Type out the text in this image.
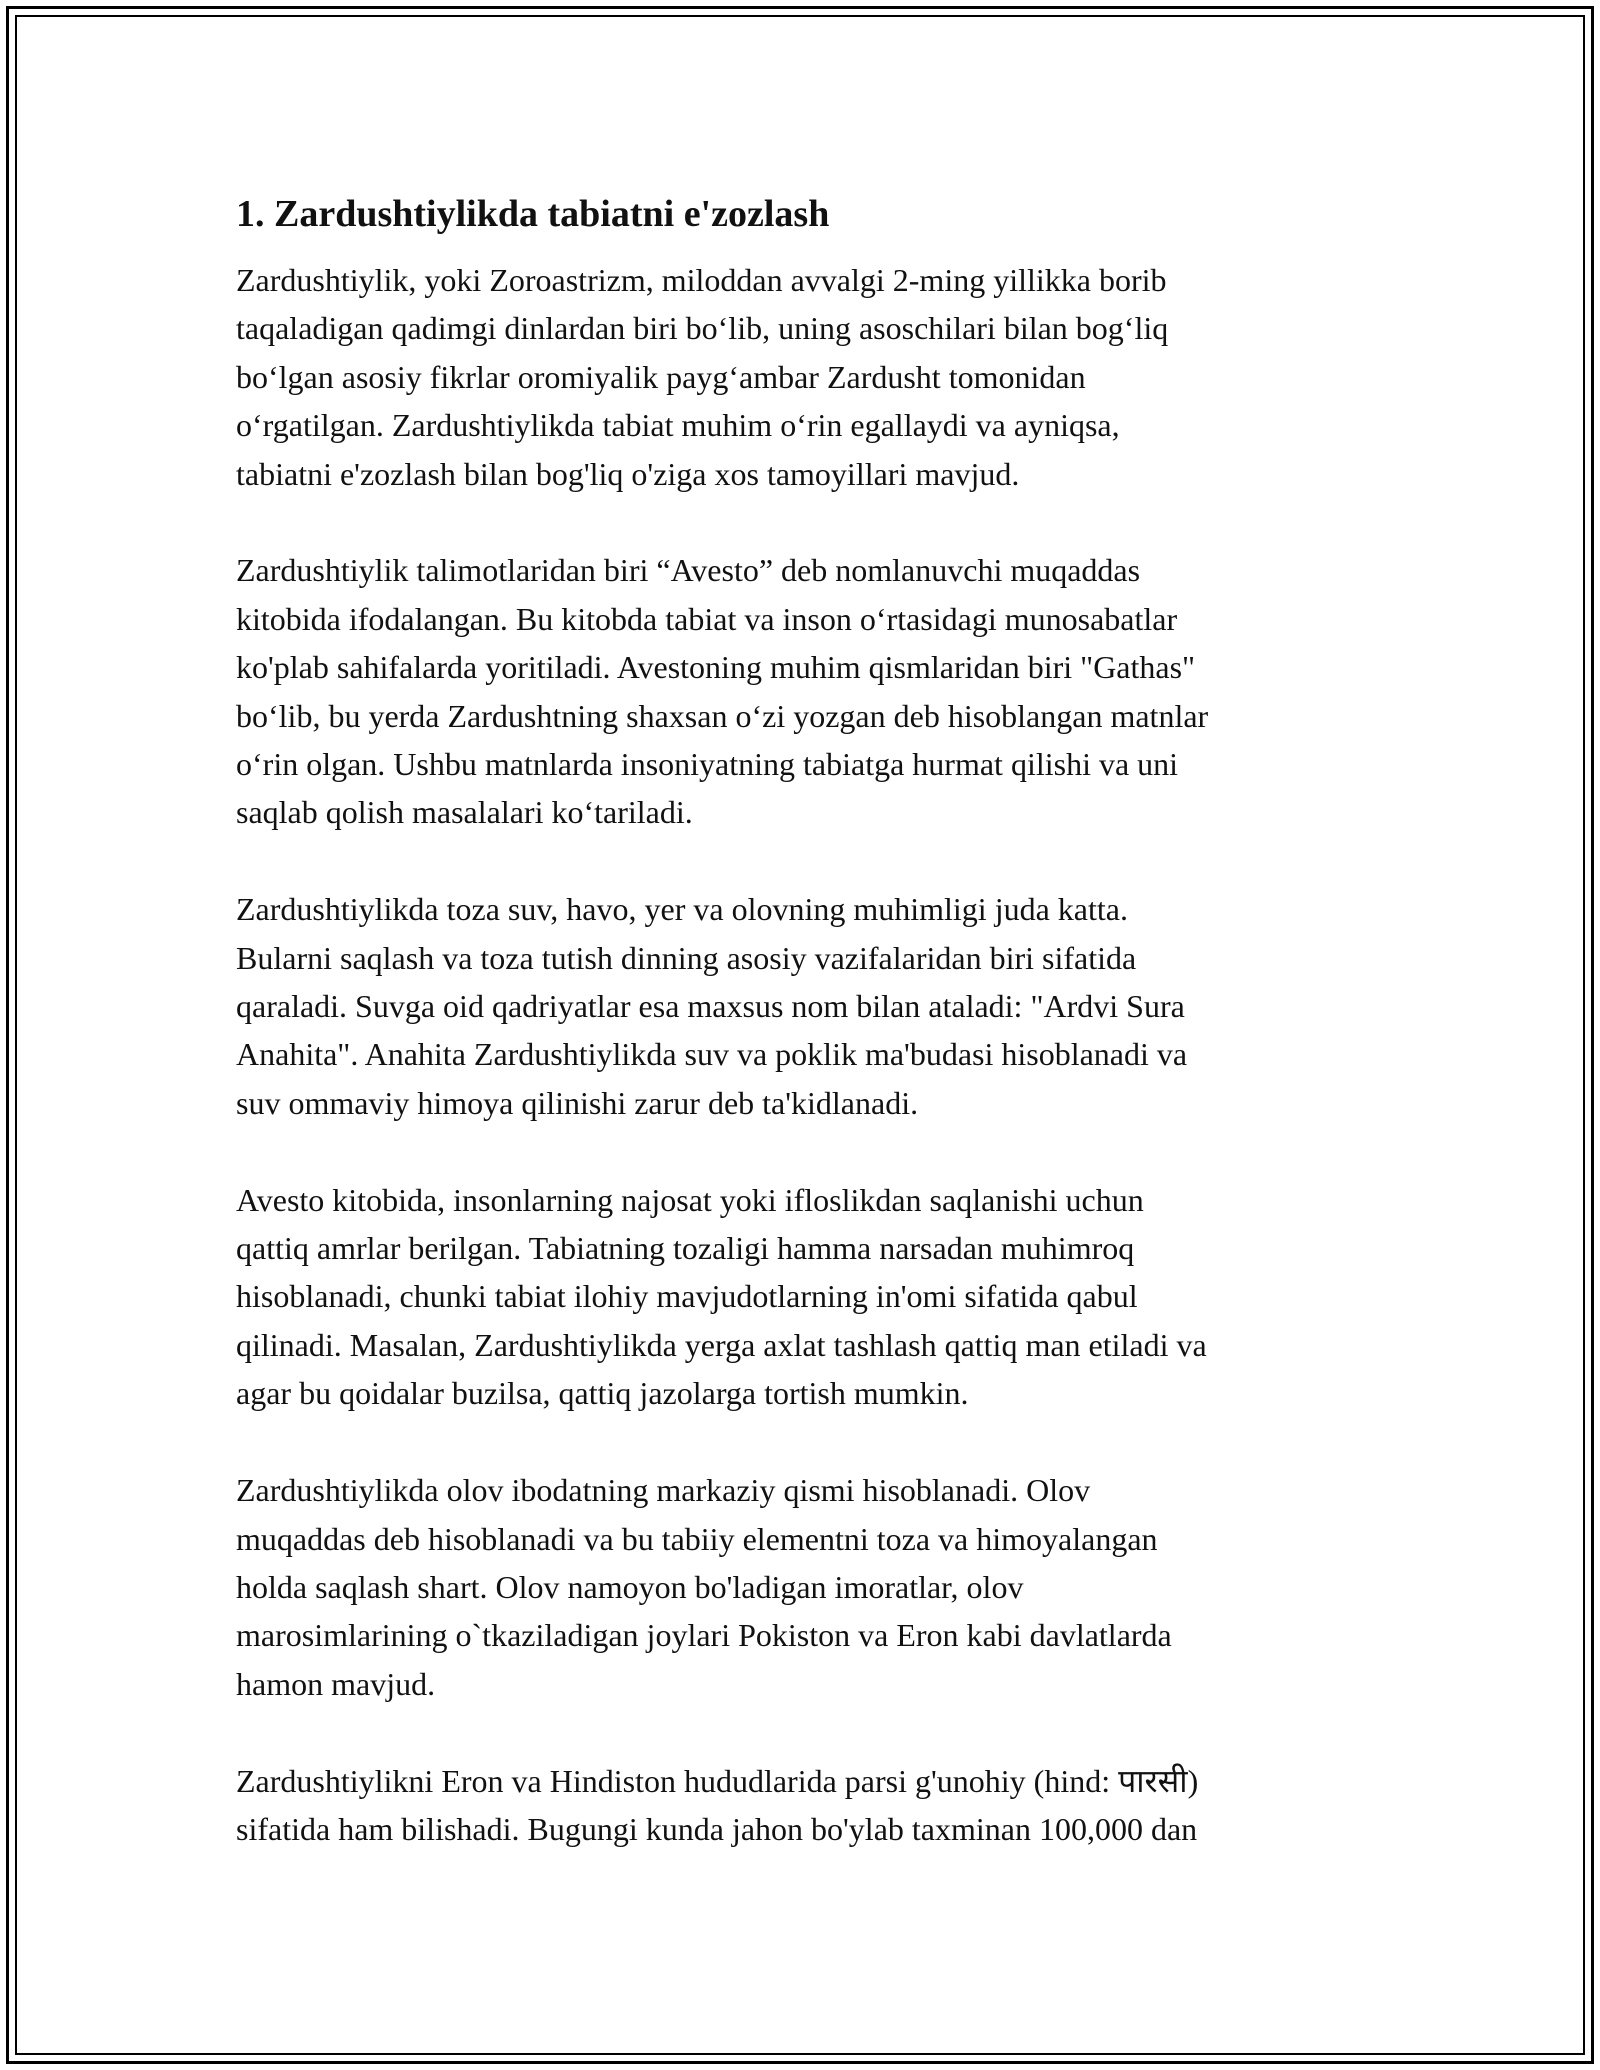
1. Zardushtiylikda tabiatni e'zozlash

Zardushtiylik, yoki Zoroastrizm, miloddan avvalgi 2-ming yillikka borib
taqaladigan qadimgi dinlardan biri bo‘lib, uning asoschilari bilan bog‘liq
bo‘lgan asosiy fikrlar oromiyalik payg‘ambar Zardusht tomonidan
o‘rgatilgan. Zardushtiylikda tabiat muhim o‘rin egallaydi va ayniqsa,
tabiatni e'zozlash bilan bog'liq o'ziga xos tamoyillari mavjud.

Zardushtiylik talimotlaridan biri “Avesto” deb nomlanuvchi muqaddas
kitobida ifodalangan. Bu kitobda tabiat va inson o‘rtasidagi munosabatlar
ko'plab sahifalarda yoritiladi. Avestoning muhim qismlaridan biri "Gathas"
bo‘lib, bu yerda Zardushtning shaxsan o‘zi yozgan deb hisoblangan matnlar
o‘rin olgan. Ushbu matnlarda insoniyatning tabiatga hurmat qilishi va uni
saqlab qolish masalalari ko‘tariladi.

Zardushtiylikda toza suv, havo, yer va olovning muhimligi juda katta.
Bularni saqlash va toza tutish dinning asosiy vazifalaridan biri sifatida
qaraladi. Suvga oid qadriyatlar esa maxsus nom bilan ataladi: "Ardvi Sura
Anahita". Anahita Zardushtiylikda suv va poklik ma'budasi hisoblanadi va
suv ommaviy himoya qilinishi zarur deb ta'kidlanadi.

Avesto kitobida, insonlarning najosat yoki ifloslikdan saqlanishi uchun
qattiq amrlar berilgan. Tabiatning tozaligi hamma narsadan muhimroq
hisoblanadi, chunki tabiat ilohiy mavjudotlarning in'omi sifatida qabul
qilinadi. Masalan, Zardushtiylikda yerga axlat tashlash qattiq man etiladi va
agar bu qoidalar buzilsa, qattiq jazolarga tortish mumkin.

Zardushtiylikda olov ibodatning markaziy qismi hisoblanadi. Olov
muqaddas deb hisoblanadi va bu tabiiy elementni toza va himoyalangan
holda saqlash shart. Olov namoyon bo'ladigan imoratlar, olov
marosimlarining o`tkaziladigan joylari Pokiston va Eron kabi davlatlarda
hamon mavjud.

Zardushtiylikni Eron va Hindiston hududlarida parsi g'unohiy (hind: पारसी)
sifatida ham bilishadi. Bugungi kunda jahon bo'ylab taxminan 100,000 dan
